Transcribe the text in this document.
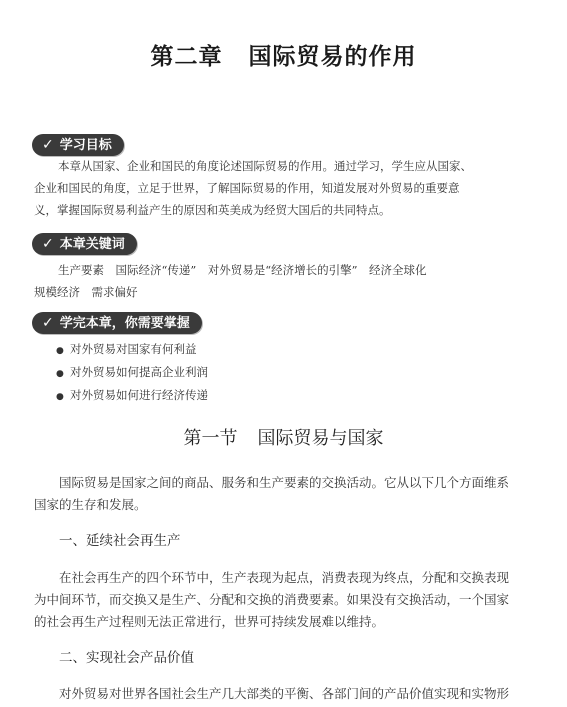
第二章 国际贸易的作用
✓ 学习目标
本章从国家、企业和国民的角度论述国际贸易的作用。通过学习，学生应从国家、
企业和国民的角度，立足于世界，了解国际贸易的作用，知道发展对外贸易的重要意
义，掌握国际贸易利益产生的原因和英美成为经贸大国后的共同特点。
✓ 本章关键词
生产要素　国际经济“传递”　对外贸易是“经济增长的引擎”　经济全球化
规模经济　需求偏好
✓ 学完本章，你需要掌握
● 对外贸易对国家有何利益
● 对外贸易如何提高企业利润
● 对外贸易如何进行经济传递
第一节 国际贸易与国家
国际贸易是国家之间的商品、服务和生产要素的交换活动。它从以下几个方面维系
国家的生存和发展。
一、延续社会再生产
在社会再生产的四个环节中，生产表现为起点，消费表现为终点，分配和交换表现
为中间环节，而交换又是生产、分配和交换的消费要素。如果没有交换活动，一个国家
的社会再生产过程则无法正常进行，世界可持续发展难以维持。
二、实现社会产品价值
对外贸易对世界各国社会生产几大部类的平衡、各部门间的产品价值实现和实物形
